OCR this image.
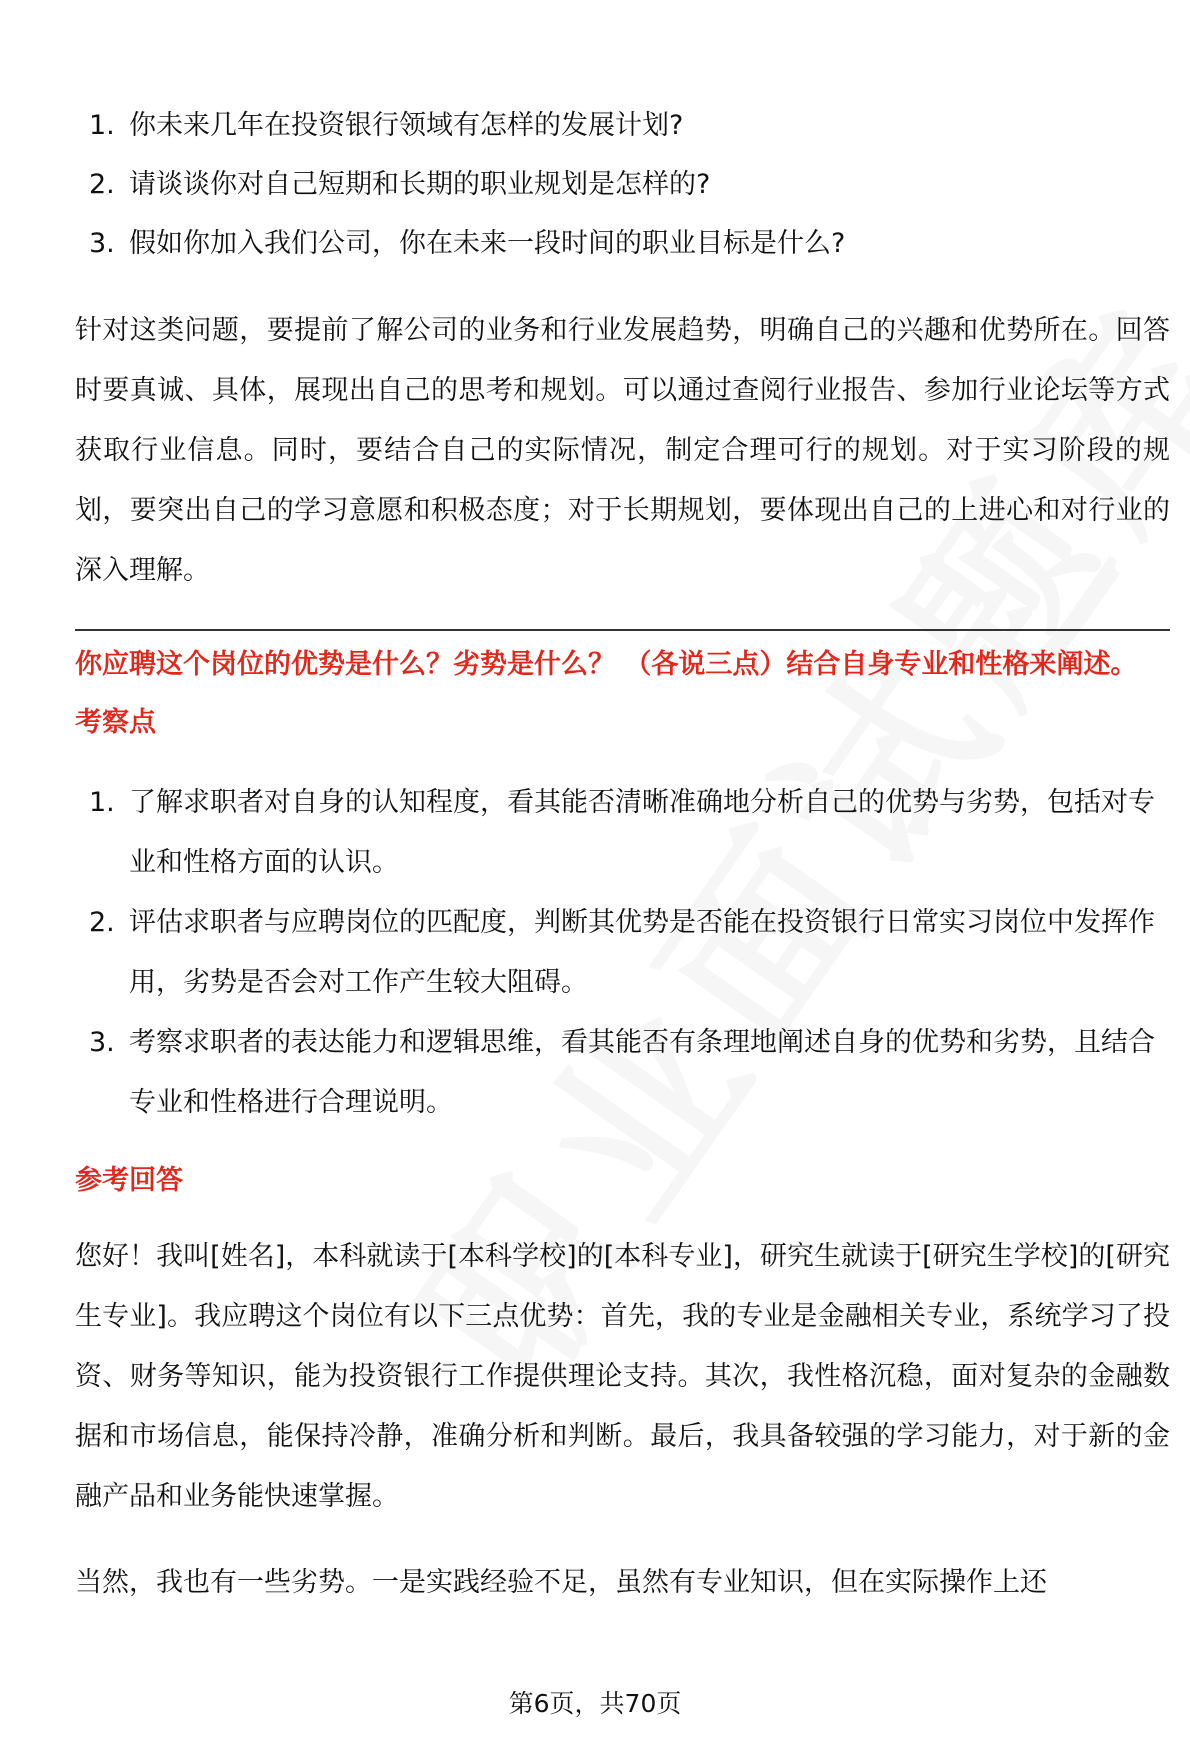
1. 你未来几年在投资银行领域有怎样的发展计划?
2. 请谈谈你对自己短期和长期的职业规划是怎样的?
3. 假如你加入我们公司，你在未来一段时间的职业目标是什么?

针对这类问题，要提前了解公司的业务和行业发展趋势，明确自己的兴趣和优势所在。回答时要真诚、具体，展现出自己的思考和规划。可以通过查阅行业报告、参加行业论坛等方式获取行业信息。同时，要结合自己的实际情况，制定合理可行的规划。对于实习阶段的规划，要突出自己的学习意愿和积极态度；对于长期规划，要体现出自己的上进心和对行业的深入理解。

你应聘这个岗位的优势是什么？劣势是什么？ （各说三点）结合自身专业和性格来阐述。
考察点
1. 了解求职者对自身的认知程度，看其能否清晰准确地分析自己的优势与劣势，包括对专业和性格方面的认识。
2. 评估求职者与应聘岗位的匹配度，判断其优势是否能在投资银行日常实习岗位中发挥作用，劣势是否会对工作产生较大阻碍。
3. 考察求职者的表达能力和逻辑思维，看其能否有条理地阐述自身的优势和劣势，且结合专业和性格进行合理说明。
参考回答

您好！我叫[姓名]，本科就读于[本科学校]的[本科专业]，研究生就读于[研究生学校]的[研究生专业]。我应聘这个岗位有以下三点优势：首先，我的专业是金融相关专业，系统学习了投资、财务等知识，能为投资银行工作提供理论支持。其次，我性格沉稳，面对复杂的金融数据和市场信息，能保持冷静，准确分析和判断。最后，我具备较强的学习能力，对于新的金融产品和业务能快速掌握。

当然，我也有一些劣势。一是实践经验不足，虽然有专业知识，但在实际操作上还

第6页，共70页
